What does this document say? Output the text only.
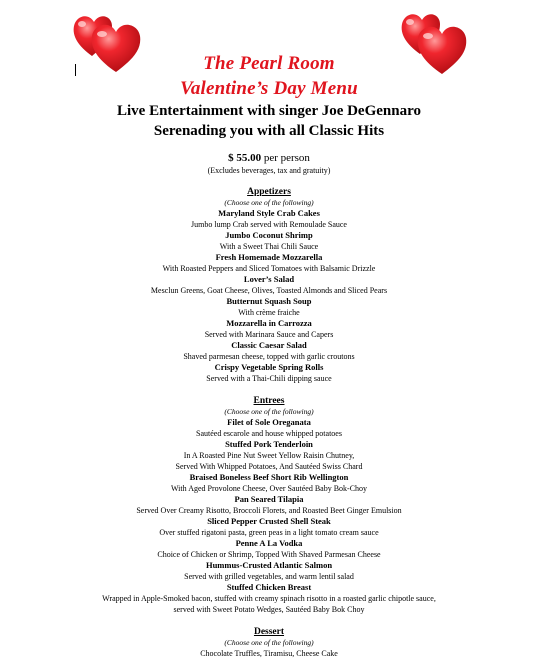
The Pearl Room
Valentine’s Day Menu
Live Entertainment with singer Joe DeGennaro
Serenading you with all Classic Hits
$ 55.00 per person
(Excludes beverages, tax and gratuity)
Appetizers
(Choose one of the following)
Maryland Style Crab Cakes
Jumbo lump Crab served with Remoulade Sauce
Jumbo Coconut Shrimp
With a Sweet Thai Chili Sauce
Fresh Homemade Mozzarella
With Roasted Peppers and Sliced Tomatoes with Balsamic Drizzle
Lover’s Salad
Mesclun Greens, Goat Cheese, Olives, Toasted Almonds and Sliced Pears
Butternut Squash Soup
With crème fraiche
Mozzarella in Carrozza
Served with Marinara Sauce and Capers
Classic Caesar Salad
Shaved parmesan cheese, topped with garlic croutons
Crispy Vegetable Spring Rolls
Served with a Thai-Chili dipping sauce
Entrees
(Choose one of the following)
Filet of Sole Oreganata
Sautéed escarole and house whipped potatoes
Stuffed Pork Tenderloin
In A Roasted Pine Nut Sweet Yellow Raisin Chutney,
Served With Whipped Potatoes, And Sautéed Swiss Chard
Braised Boneless Beef Short Rib Wellington
With Aged Provolone Cheese, Over Sautéed Baby Bok-Choy
Pan Seared Tilapia
Served Over Creamy Risotto, Broccoli Florets, and Roasted Beet Ginger Emulsion
Sliced Pepper Crusted Shell Steak
Over stuffed rigatoni pasta, green peas in a light tomato cream sauce
Penne A La Vodka
Choice of Chicken or Shrimp, Topped With Shaved Parmesan Cheese
Hummus-Crusted Atlantic Salmon
Served with grilled vegetables, and warm lentil salad
Stuffed Chicken Breast
Wrapped in Apple-Smoked bacon, stuffed with creamy spinach risotto in a roasted garlic chipotle sauce,
served with Sweet Potato Wedges, Sautéed Baby Bok Choy
Dessert
(Choose one of the following)
Chocolate Truffles, Tiramisu, Cheese Cake
